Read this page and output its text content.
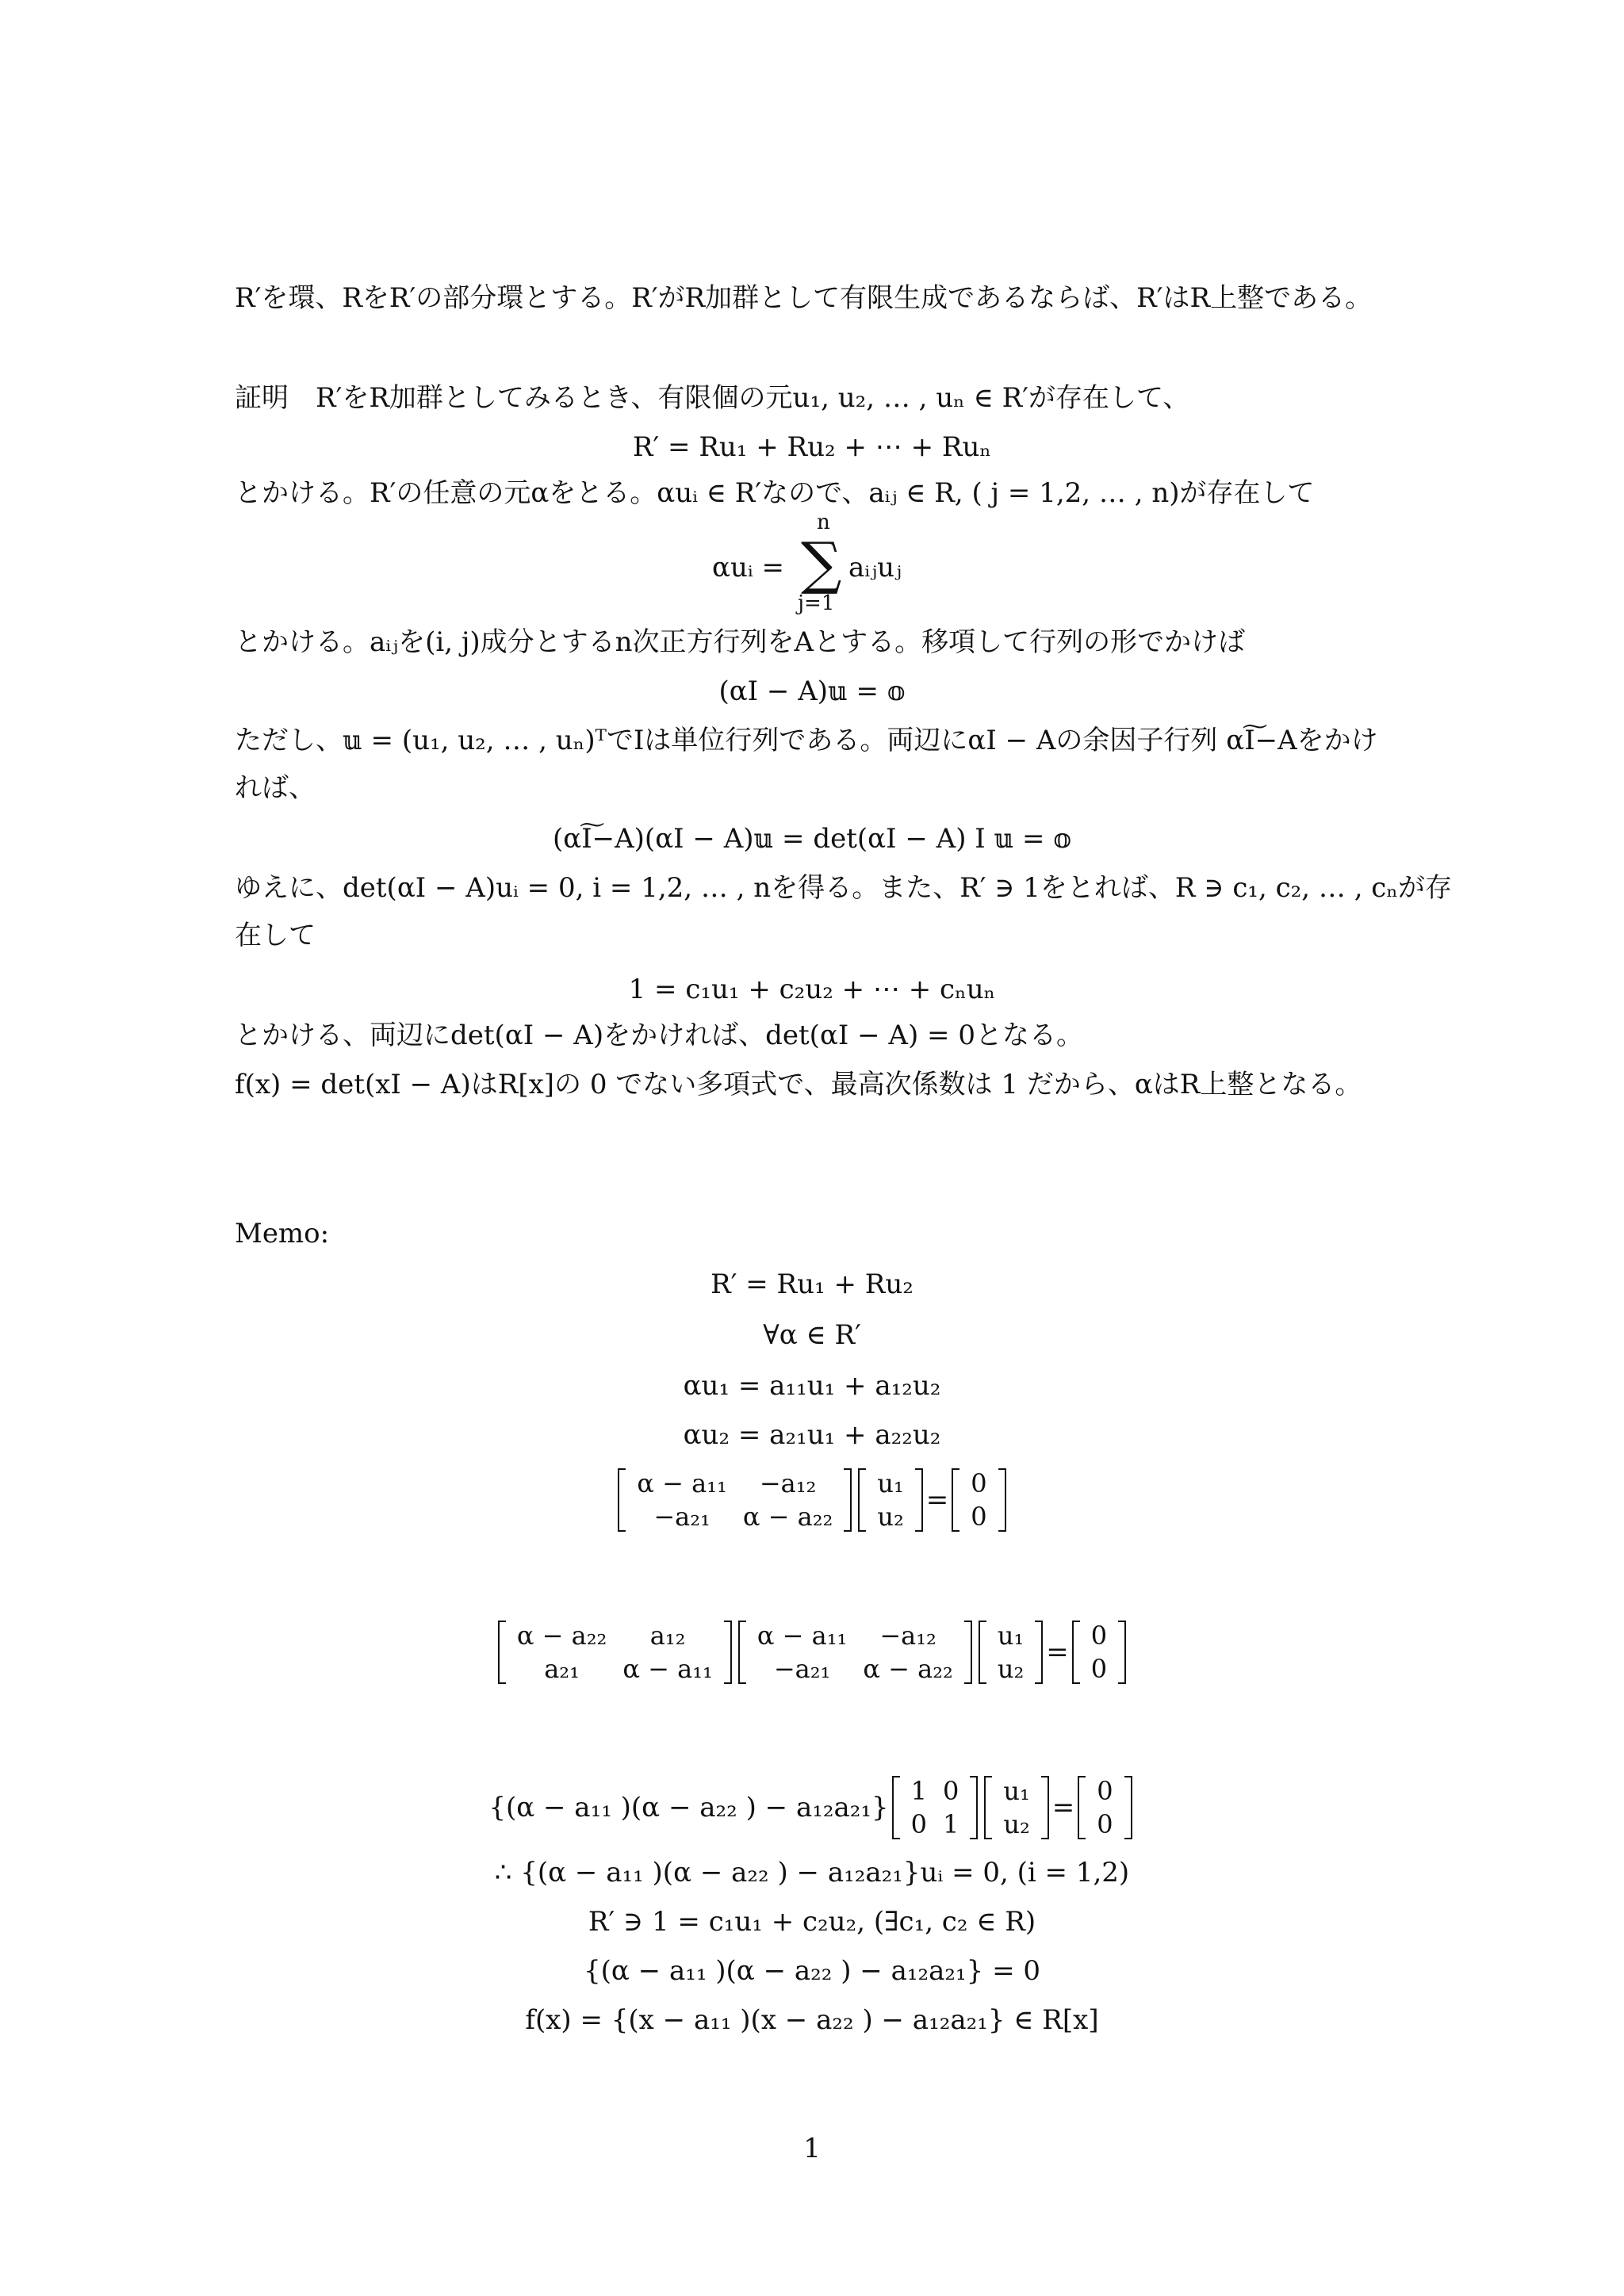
R′を環、RをR′の部分環とする。R′がR加群として有限生成であるならば、R′はR上整である。
証明　R′をR加群としてみるとき、有限個の元u₁, u₂, … , uₙ ∈ R′が存在して、
R′ = Ru₁ + Ru₂ + ⋯ + Ruₙ
とかける。R′の任意の元αをとる。αuᵢ ∈ R′なので、aᵢⱼ ∈ R, ( j = 1,2, … , n)が存在して
αuᵢ =
n
∑
j=1
aᵢⱼuⱼ
とかける。aᵢⱼを(i, j)成分とするn次正方行列をAとする。移項して行列の形でかけば
(αI − A)𝕦 = 𝕠
ただし、𝕦 = (u₁, u₂, … , uₙ)ᵀでIは単位行列である。両辺にαI − Aの余因子行列 αI͠−Aをかけ
れば、
(αI͠−A)(αI − A)𝕦 = det(αI − A) I 𝕦 = 𝕠
ゆえに、det(αI − A)uᵢ = 0, i = 1,2, … , nを得る。また、R′ ∋ 1をとれば、R ∋ c₁, c₂, … , cₙが存
在して
1 = c₁u₁ + c₂u₂ + ⋯ + cₙuₙ
とかける、両辺にdet(αI − A)をかければ、det(αI − A) = 0となる。
f(x) = det(xI − A)はR[x]の 0 でない多項式で、最高次係数は 1 だから、αはR上整となる。
Memo:
R′ = Ru₁ + Ru₂
∀α ∈ R′
αu₁ = a₁₁u₁ + a₁₂u₂
αu₂ = a₂₁u₁ + a₂₂u₂
α − a₁₁	−a₁₂
−a₂₁	α − a₂₂
u₁
u₂
=
0
0
α − a₂₂	a₁₂
a₂₁	α − a₁₁
α − a₁₁	−a₁₂
−a₂₁	α − a₂₂
u₁
u₂
=
0
0
{(α − a₁₁ )(α − a₂₂ ) − a₁₂a₂₁}
1	0
0	1
u₁
u₂
=
0
0
∴ {(α − a₁₁ )(α − a₂₂ ) − a₁₂a₂₁}uᵢ = 0, (i = 1,2)
R′ ∋ 1 = c₁u₁ + c₂u₂, (∃c₁, c₂ ∈ R)
{(α − a₁₁ )(α − a₂₂ ) − a₁₂a₂₁} = 0
f(x) = {(x − a₁₁ )(x − a₂₂ ) − a₁₂a₂₁} ∈ R[x]
1
